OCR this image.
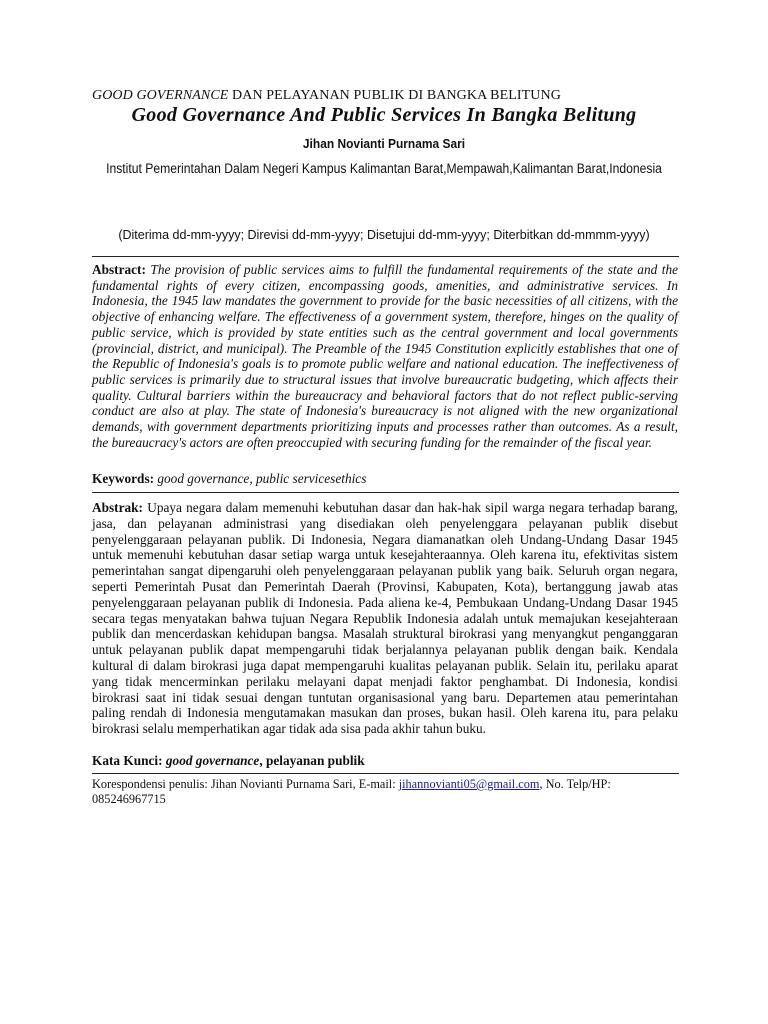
GOOD GOVERNANCE DAN PELAYANAN PUBLIK DI BANGKA BELITUNG
Good Governance And Public Services In Bangka Belitung
Jihan Novianti Purnama Sari
Institut Pemerintahan Dalam Negeri Kampus Kalimantan Barat,Mempawah,Kalimantan Barat,Indonesia
(Diterima dd-mm-yyyy; Direvisi dd-mm-yyyy; Disetujui dd-mm-yyyy; Diterbitkan dd-mmmm-yyyy)
Abstract: The provision of public services aims to fulfill the fundamental requirements of the state and the fundamental rights of every citizen, encompassing goods, amenities, and administrative services. In Indonesia, the 1945 law mandates the government to provide for the basic necessities of all citizens, with the objective of enhancing welfare. The effectiveness of a government system, therefore, hinges on the quality of public service, which is provided by state entities such as the central government and local governments (provincial, district, and municipal). The Preamble of the 1945 Constitution explicitly establishes that one of the Republic of Indonesia's goals is to promote public welfare and national education. The ineffectiveness of public services is primarily due to structural issues that involve bureaucratic budgeting, which affects their quality. Cultural barriers within the bureaucracy and behavioral factors that do not reflect public-serving conduct are also at play. The state of Indonesia's bureaucracy is not aligned with the new organizational demands, with government departments prioritizing inputs and processes rather than outcomes. As a result, the bureaucracy's actors are often preoccupied with securing funding for the remainder of the fiscal year.
Keywords: good governance, public servicesethics
Abstrak: Upaya negara dalam memenuhi kebutuhan dasar dan hak-hak sipil warga negara terhadap barang, jasa, dan pelayanan administrasi yang disediakan oleh penyelenggara pelayanan publik disebut penyelenggaraan pelayanan publik. Di Indonesia, Negara diamanatkan oleh Undang-Undang Dasar 1945 untuk memenuhi kebutuhan dasar setiap warga untuk kesejahteraannya. Oleh karena itu, efektivitas sistem pemerintahan sangat dipengaruhi oleh penyelenggaraan pelayanan publik yang baik. Seluruh organ negara, seperti Pemerintah Pusat dan Pemerintah Daerah (Provinsi, Kabupaten, Kota), bertanggung jawab atas penyelenggaraan pelayanan publik di Indonesia. Pada aliena ke-4, Pembukaan Undang-Undang Dasar 1945 secara tegas menyatakan bahwa tujuan Negara Republik Indonesia adalah untuk memajukan kesejahteraan publik dan mencerdaskan kehidupan bangsa. Masalah struktural birokrasi yang menyangkut penganggaran untuk pelayanan publik dapat mempengaruhi tidak berjalannya pelayanan publik dengan baik. Kendala kultural di dalam birokrasi juga dapat mempengaruhi kualitas pelayanan publik. Selain itu, perilaku aparat yang tidak mencerminkan perilaku melayani dapat menjadi faktor penghambat. Di Indonesia, kondisi birokrasi saat ini tidak sesuai dengan tuntutan organisasional yang baru. Departemen atau pemerintahan paling rendah di Indonesia mengutamakan masukan dan proses, bukan hasil. Oleh karena itu, para pelaku birokrasi selalu memperhatikan agar tidak ada sisa pada akhir tahun buku.
Kata Kunci: good governance, pelayanan publik
Korespondensi penulis: Jihan Novianti Purnama Sari, E-mail: jihannovianti05@gmail.com, No. Telp/HP: 085246967715
